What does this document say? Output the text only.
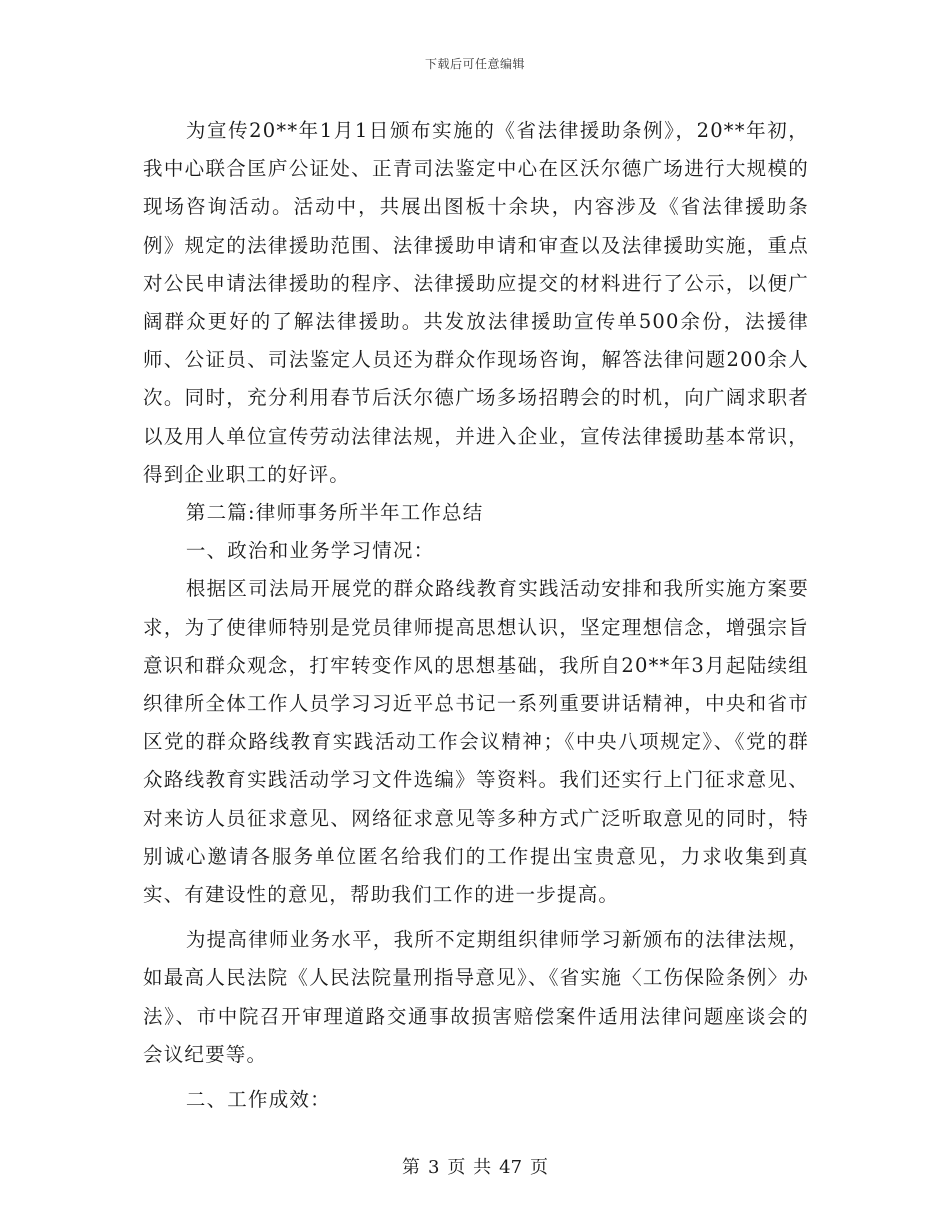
下载后可任意编辑

为宣传20**年1月1日颁布实施的《省法律援助条例》，20**年初，我中心联合匡庐公证处、正青司法鉴定中心在区沃尔德广场进行大规模的现场咨询活动。活动中，共展出图板十余块，内容涉及《省法律援助条例》规定的法律援助范围、法律援助申请和审查以及法律援助实施，重点对公民申请法律援助的程序、法律援助应提交的材料进行了公示，以便广阔群众更好的了解法律援助。共发放法律援助宣传单500余份，法援律师、公证员、司法鉴定人员还为群众作现场咨询，解答法律问题200余人次。同时，充分利用春节后沃尔德广场多场招聘会的时机，向广阔求职者以及用人单位宣传劳动法律法规，并进入企业，宣传法律援助基本常识，得到企业职工的好评。

第二篇:律师事务所半年工作总结

一、政治和业务学习情况：

根据区司法局开展党的群众路线教育实践活动安排和我所实施方案要求，为了使律师特别是党员律师提高思想认识，坚定理想信念，增强宗旨意识和群众观念，打牢转变作风的思想基础，我所自20**年3月起陆续组织律所全体工作人员学习习近平总书记一系列重要讲话精神，中央和省市区党的群众路线教育实践活动工作会议精神；《中央八项规定》、《党的群众路线教育实践活动学习文件选编》等资料。我们还实行上门征求意见、对来访人员征求意见、网络征求意见等多种方式广泛听取意见的同时，特别诚心邀请各服务单位匿名给我们的工作提出宝贵意见，力求收集到真实、有建设性的意见，帮助我们工作的进一步提高。

为提高律师业务水平，我所不定期组织律师学习新颁布的法律法规，如最高人民法院《人民法院量刑指导意见》、《省实施〈工伤保险条例〉办法》、市中院召开审理道路交通事故损害赔偿案件适用法律问题座谈会的会议纪要等。

二、工作成效：

第 3 页 共 47 页
